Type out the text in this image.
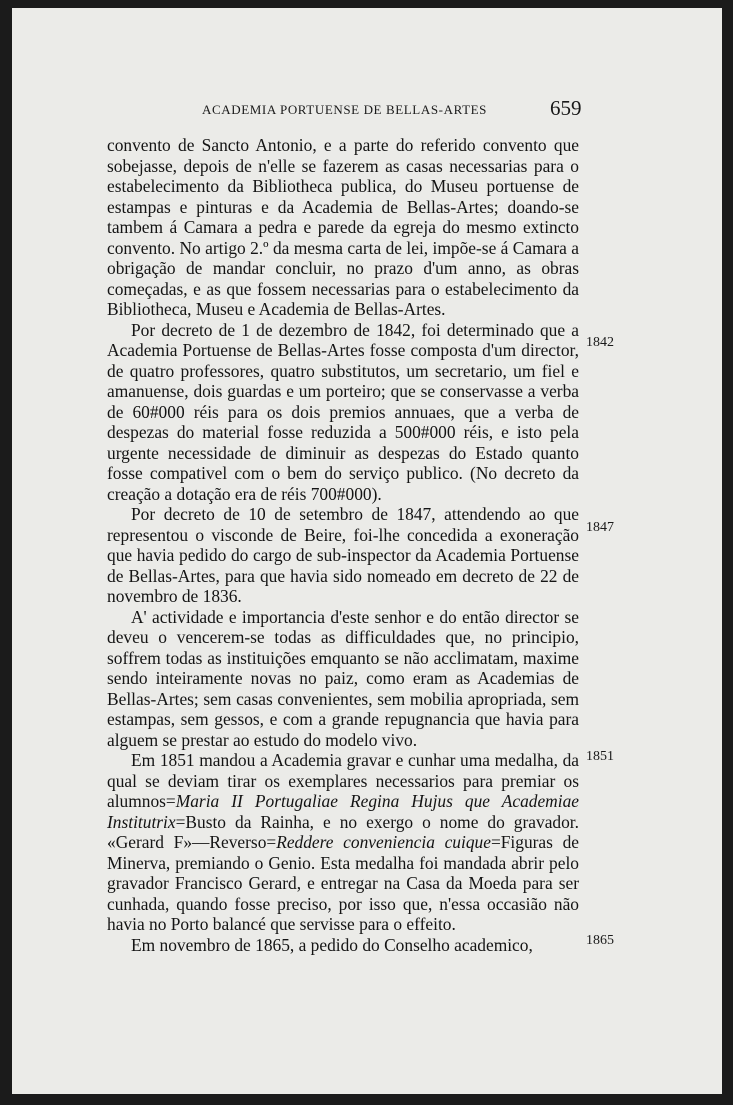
ACADEMIA PORTUENSE DE BELLAS-ARTES	659

convento de Sancto Antonio, e a parte do referido convento que sobejasse, depois de n'elle se fazerem as casas necessarias para o estabelecimento da Bibliotheca publica, do Museu portuense de estampas e pinturas e da Academia de Bellas-Artes; doando-se tambem á Camara a pedra e parede da egreja do mesmo extincto convento. No artigo 2.º da mesma carta de lei, impõe-se á Camara a obrigação de mandar concluir, no prazo d'um anno, as obras começadas, e as que fossem necessarias para o estabelecimento da Bibliotheca, Museu e Academia de Bellas-Artes.

Por decreto de 1 de dezembro de 1842, foi determinado que a Academia Portuense de Bellas-Artes fosse composta d'um director, de quatro professores, quatro substitutos, um secretario, um fiel e amanuense, dois guardas e um porteiro; que se conservasse a verba de 60#000 réis para os dois premios annuaes, que a verba de despezas do material fosse reduzida a 500#000 réis, e isto pela urgente necessidade de diminuir as despezas do Estado quanto fosse compativel com o bem do serviço publico. (No decreto da creação a dotação era de réis 700#000).

Por decreto de 10 de setembro de 1847, attendendo ao que representou o visconde de Beire, foi-lhe concedida a exoneração que havia pedido do cargo de sub-inspector da Academia Portuense de Bellas-Artes, para que havia sido nomeado em decreto de 22 de novembro de 1836.

A' actividade e importancia d'este senhor e do então director se deveu o vencerem-se todas as difficuldades que, no principio, soffrem todas as instituições emquanto se não acclimatam, maxime sendo inteiramente novas no paiz, como eram as Academias de Bellas-Artes; sem casas convenientes, sem mobilia apropriada, sem estampas, sem gessos, e com a grande repugnancia que havia para alguem se prestar ao estudo do modelo vivo.

Em 1851 mandou a Academia gravar e cunhar uma medalha, da qual se deviam tirar os exemplares necessarios para premiar os alumnos=Maria II Portugaliae Regina Hujus que Academiae Institutrix=Busto da Rainha, e no exergo o nome do gravador. «Gerard F»—Reverso=Reddere conveniencia cuique=Figuras de Minerva, premiando o Genio. Esta medalha foi mandada abrir pelo gravador Francisco Gerard, e entregar na Casa da Moeda para ser cunhada, quando fosse preciso, por isso que, n'essa occasião não havia no Porto balancé que servisse para o effeito.

Em novembro de 1865, a pedido do Conselho academico,

1842
1847
1851
1865
